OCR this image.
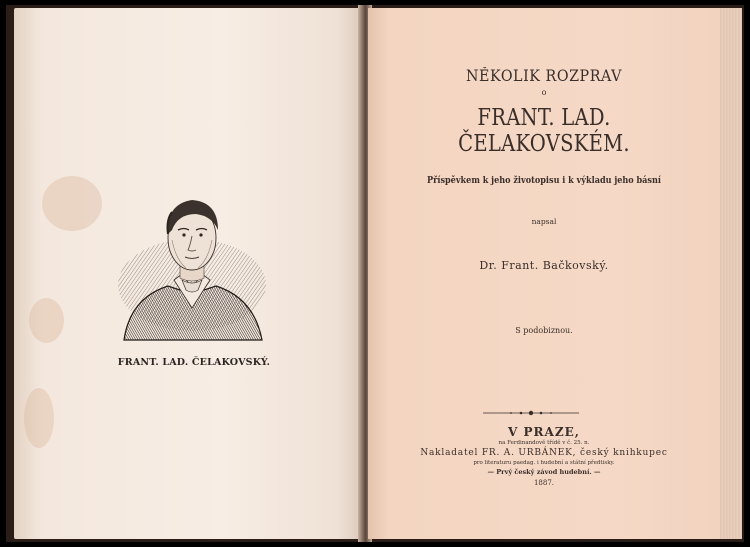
FRANT. LAD. ČELAKOVSKÝ.
NĚKOLIK ROZPRAV
o
FRANT. LAD. ČELAKOVSKÉM.
Příspěvkem k jeho životopisu i k výkladu jeho básní
napsal
Dr. Frant. Bačkovský.
S podobiznou.
V PRAZE,
na Ferdinandově třídě v č. 25. n.
Nakladatel FR. A. URBÁNEK, český knihkupec
pro literaturu paedag. i hudební a státní předtisky.
— Prvý český závod hudební. —
1887.
